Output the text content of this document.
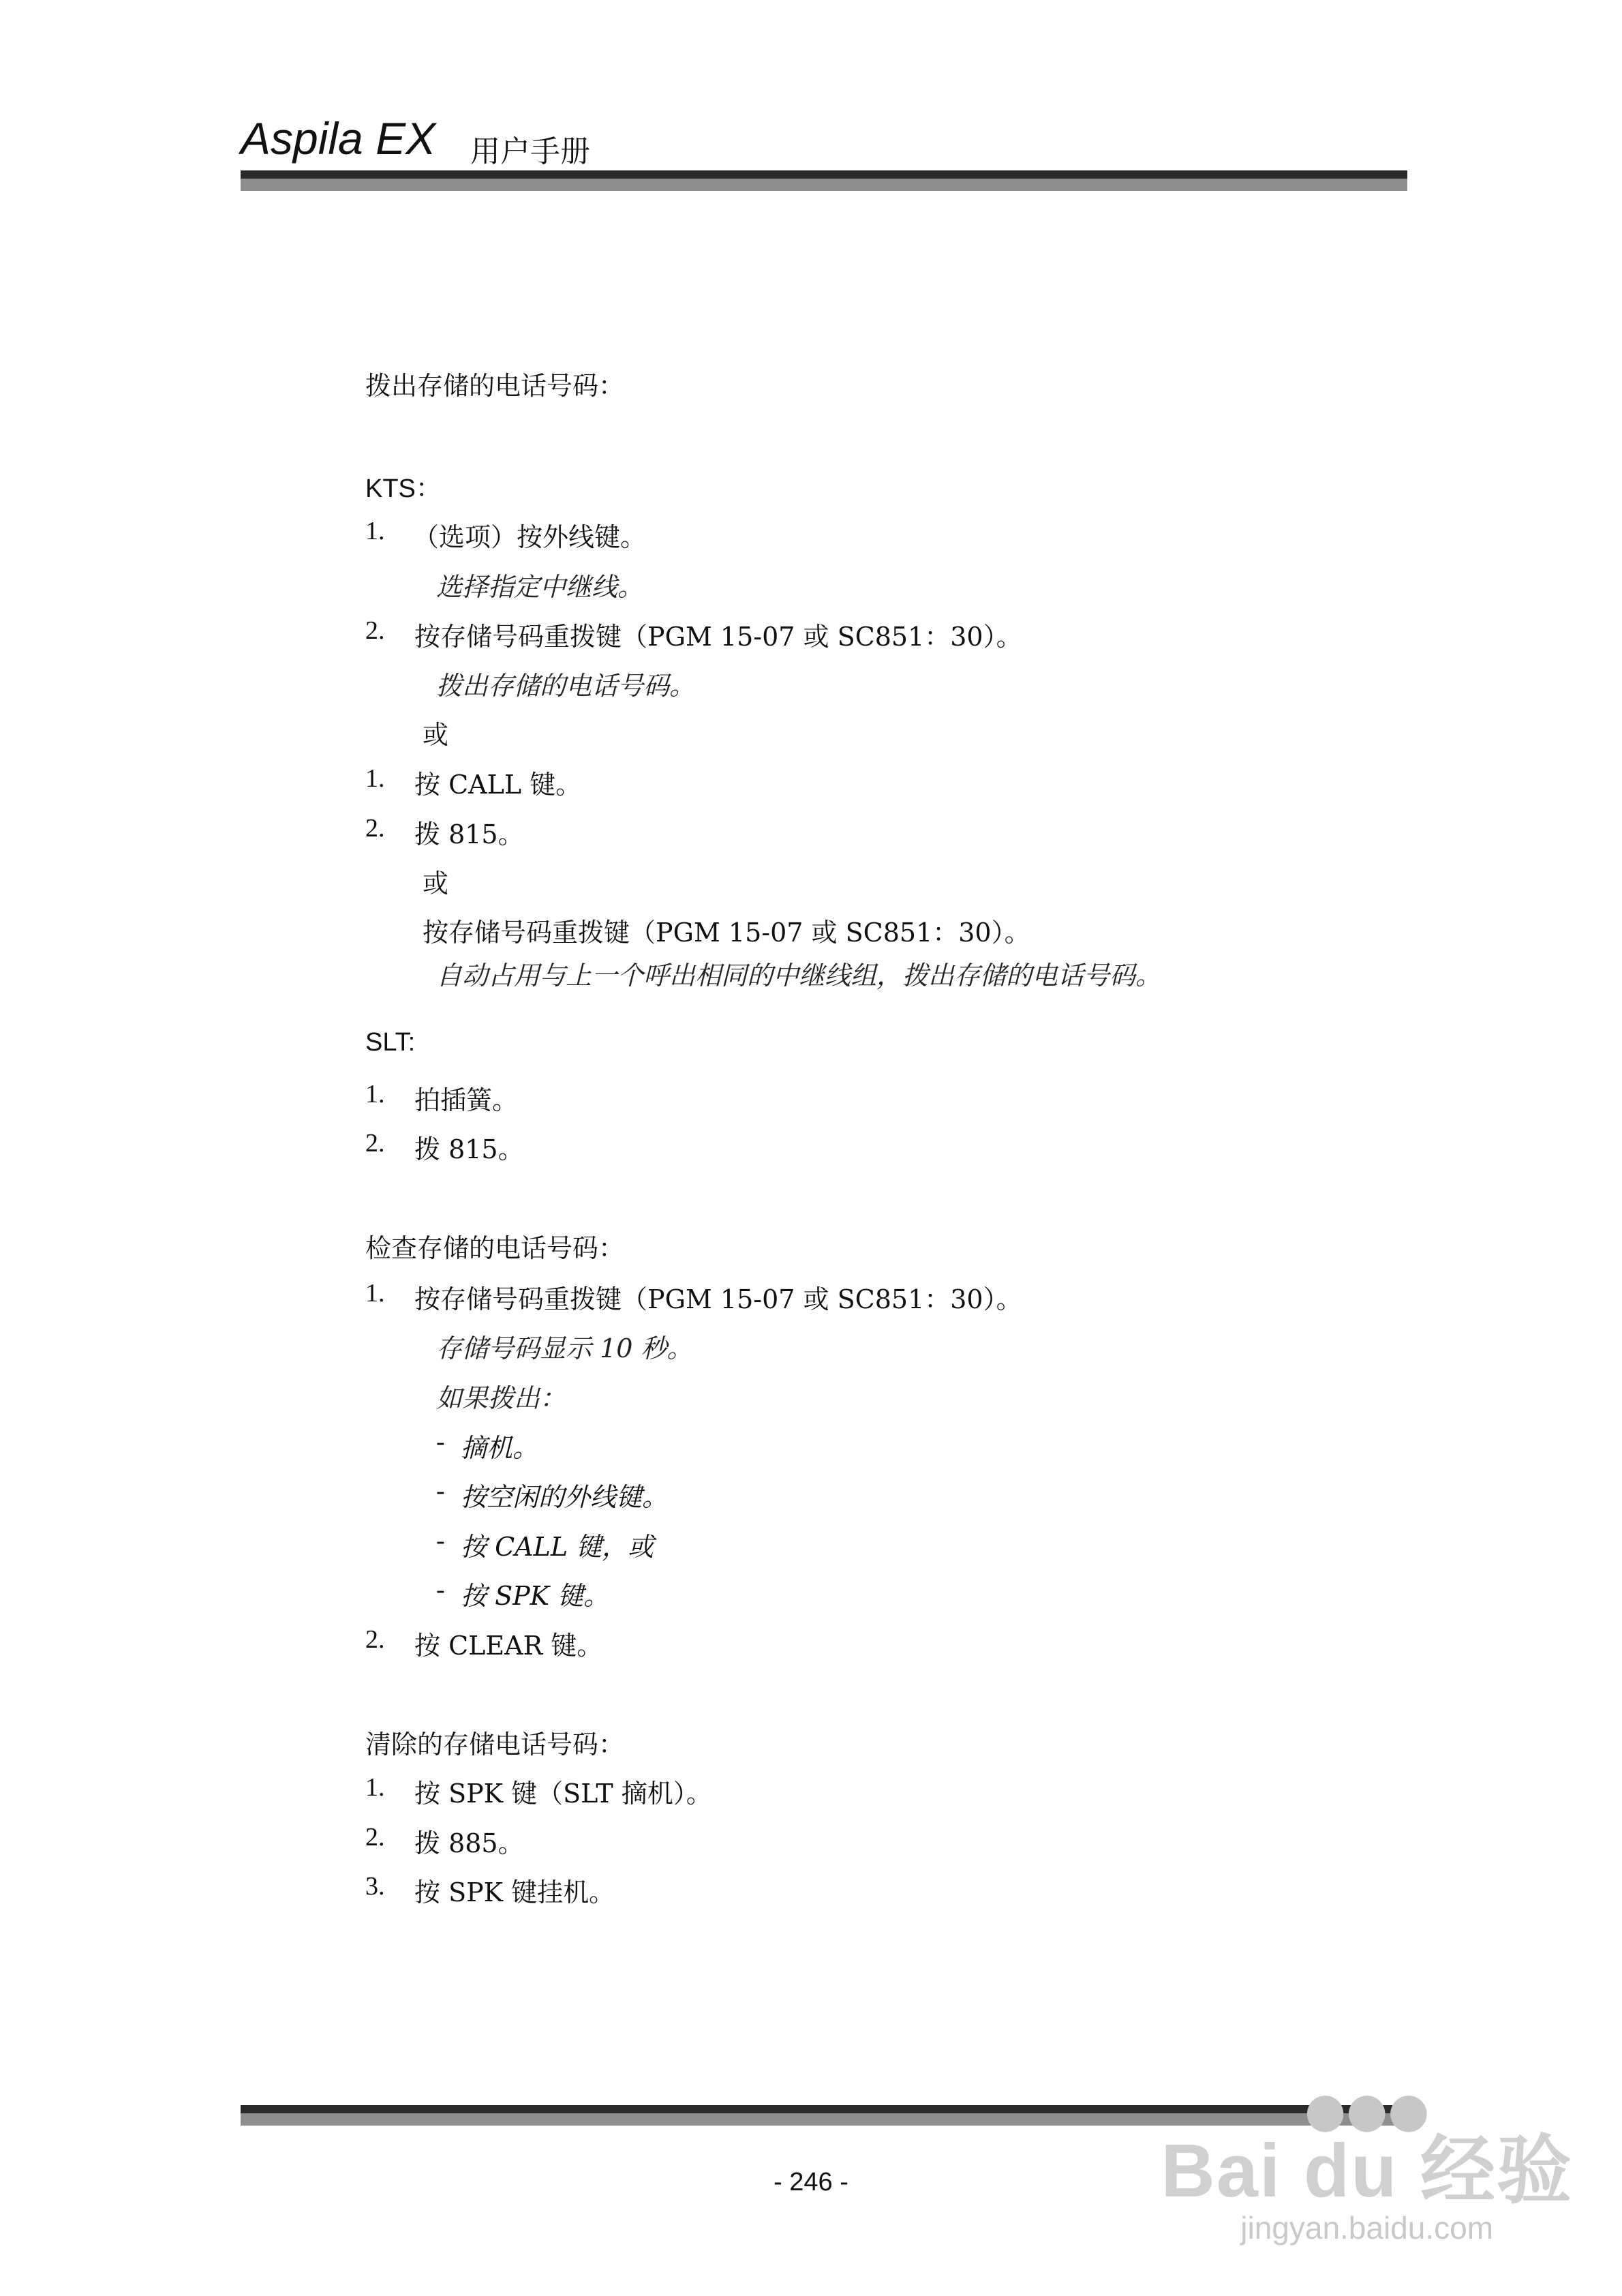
Aspila EX 用户手册
拨出存储的电话号码：
KTS：
1. （选项）按外线键。
选择指定中继线。
2. 按存储号码重拨键（PGM 15-07 或 SC851：30）。
拨出存储的电话号码。
或
1. 按 CALL 键。
2. 拨 815。
或
按存储号码重拨键（PGM 15-07 或 SC851：30）。
自动占用与上一个呼出相同的中继线组，拨出存储的电话号码。
SLT:
1. 拍插簧。
2. 拨 815。
检查存储的电话号码：
1. 按存储号码重拨键（PGM 15-07 或 SC851：30）。
存储号码显示 10 秒。
如果拨出：
- 摘机。
- 按空闲的外线键。
- 按 CALL 键，或
- 按 SPK 键。
2. 按 CLEAR 键。
清除的存储电话号码：
1. 按 SPK 键（SLT 摘机）。
2. 拨 885。
3. 按 SPK 键挂机。
- 246 -
●●●
Bai du 经验
jingyan.baidu.com
